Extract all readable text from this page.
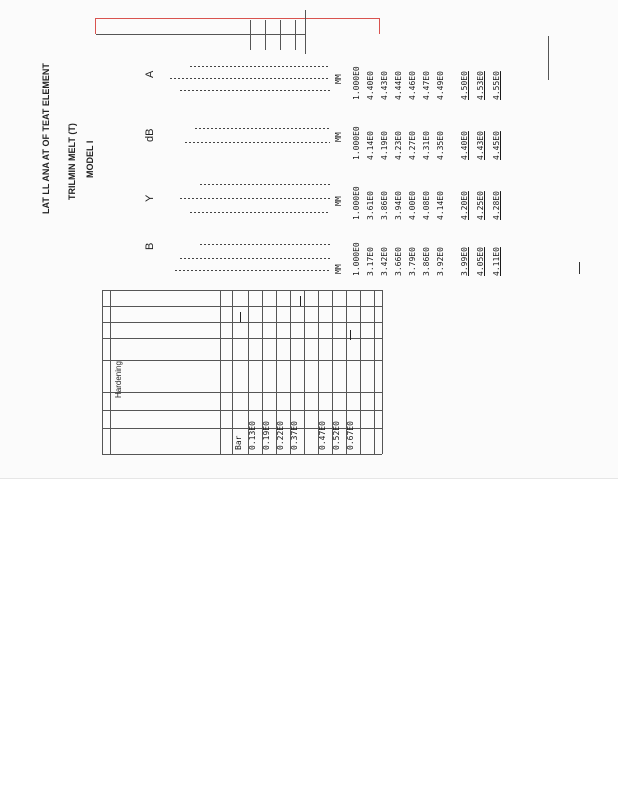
LAT LL ANA AT OF TEAT ELEMENT TRILMIN MELT (T) MODEL I
A
dB
Y
B
MM
MM
MM
MM
1.000E0 4.40E0 4.43E0 4.44E0 4.46E0 4.47E0 4.49E0 4.50E0 4.53E0 4.55E0
1.000E0 4.14E0 4.19E0 4.23E0 4.27E0 4.31E0 4.35E0 4.40E0 4.43E0 4.45E0
1.000E0 3.61E0 3.86E0 3.94E0 4.00E0 4.08E0 4.14E0 4.20E0 4.25E0 4.28E0
1.000E0 3.17E0 3.42E0 3.66E0 3.79E0 3.86E0 3.92E0 3.99E0 4.05E0 4.11E0
Hardening
Bar 0.13E0 0.19E0 0.22E0 0.37E0 0.47E0 0.52E0 0.67E0
